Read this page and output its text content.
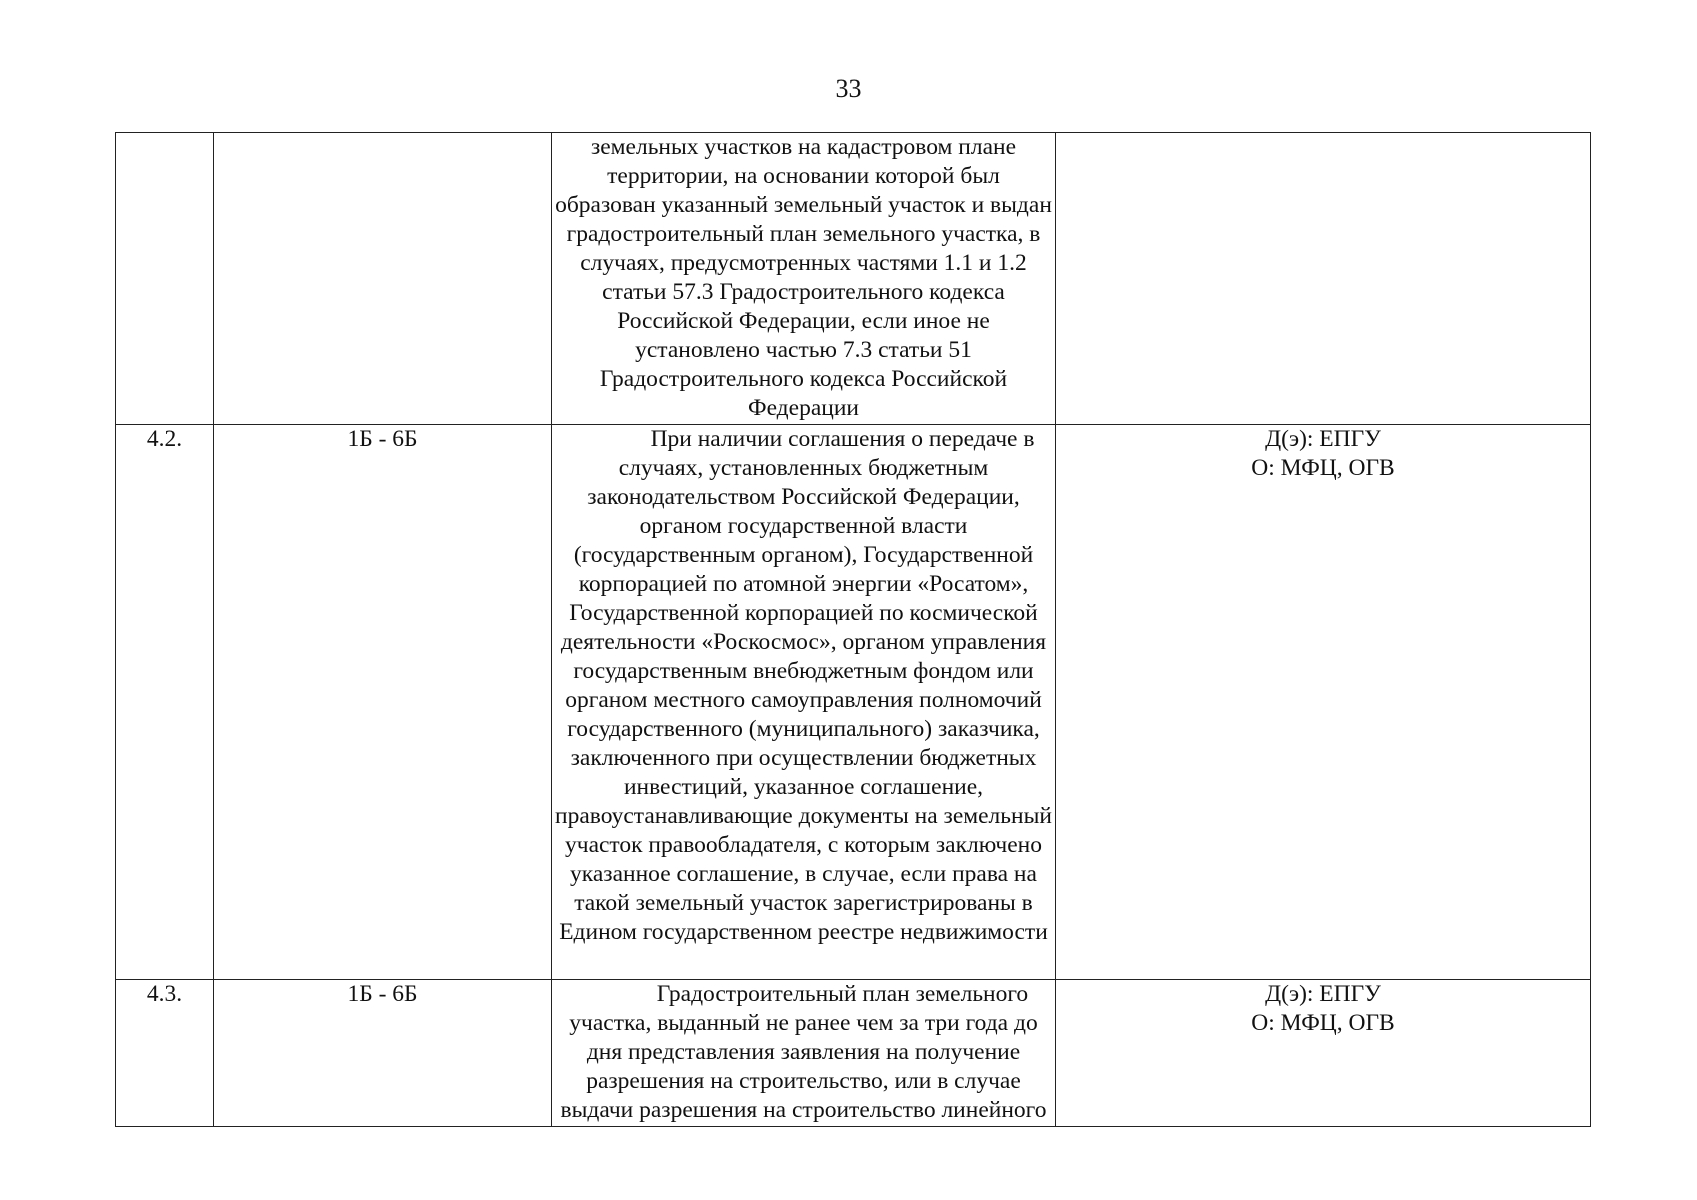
33

		земельных участков на кадастровом плане территории, на основании которой был образован указанный земельный участок и выдан градостроительный план земельного участка, в случаях, предусмотренных частями 1.1 и 1.2 статьи 57.3 Градостроительного кодекса Российской Федерации, если иное не установлено частью 7.3 статьи 51 Градостроительного кодекса Российской Федерации	

4.2.	1Б - 6Б	При наличии соглашения о передаче в случаях, установленных бюджетным законодательством Российской Федерации, органом государственной власти (государственным органом), Государственной корпорацией по атомной энергии «Росатом», Государственной корпорацией по космической деятельности «Роскосмос», органом управления государственным внебюджетным фондом или органом местного самоуправления полномочий государственного (муниципального) заказчика, заключенного при осуществлении бюджетных инвестиций, указанное соглашение, правоустанавливающие документы на земельный участок правообладателя, с которым заключено указанное соглашение, в случае, если права на такой земельный участок зарегистрированы в Едином государственном реестре недвижимости	Д(э): ЕПГУ
О: МФЦ, ОГВ

4.3.	1Б - 6Б	Градостроительный план земельного участка, выданный не ранее чем за три года до дня представления заявления на получение разрешения на строительство, или в случае выдачи разрешения на строительство линейного	Д(э): ЕПГУ
О: МФЦ, ОГВ
